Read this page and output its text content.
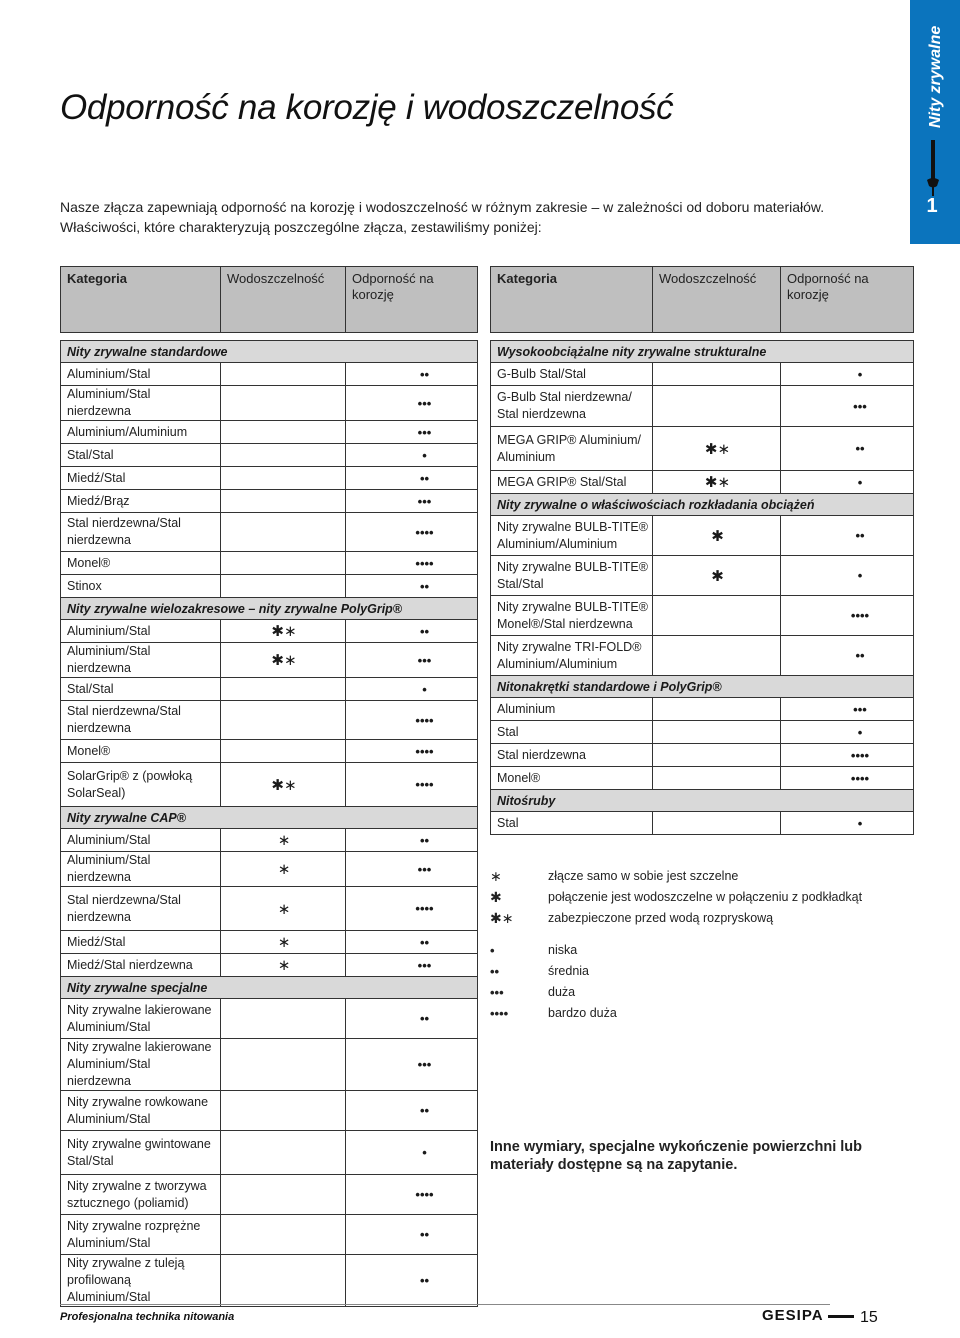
Nity zrywalne
1
Odporność na korozję i wodoszczelność

Nasze złącza zapewniają odporność na korozję i wodoszczelność w różnym zakresie – w zależności od doboru materiałów. Właściwości, które charakteryzują poszczególne złącza, zestawiliśmy poniżej:

Kategoria	Wodoszczelność	Odporność na korozję

Nity zrywalne standardowe		
Aluminium/Stal		••
Aluminium/Stal nierdzewna		•••
Aluminium/Aluminium		•••
Stal/Stal		•
Miedź/Stal		••
Miedź/Brąz		•••
Stal nierdzewna/Stal nierdzewna		••••
Monel®		••••
Stinox		••
Nity zrywalne wielozakresowe – nity zrywalne PolyGrip®		
Aluminium/Stal	✱∗	••
Aluminium/Stal nierdzewna	✱∗	•••
Stal/Stal		•
Stal nierdzewna/Stal nierdzewna		••••
Monel®		••••
SolarGrip® z (powłoką SolarSeal)	✱∗	••••
Nity zrywalne CAP®		
Aluminium/Stal	∗	••
Aluminium/Stal nierdzewna	∗	•••
Stal nierdzewna/Stal nierdzewna	∗	••••
Miedź/Stal	∗	••
Miedź/Stal nierdzewna	∗	•••
Nity zrywalne specjalne		
Nity zrywalne lakierowane Aluminium/Stal		••
Nity zrywalne lakierowane Aluminium/Stal nierdzewna		•••
Nity zrywalne rowkowane Aluminium/Stal		••
Nity zrywalne gwintowane Stal/Stal		•
Nity zrywalne z tworzywa sztucznego (poliamid)		••••
Nity zrywalne rozprężne Aluminium/Stal		••
Nity zrywalne z tuleją profilowaną Aluminium/Stal		••
Kategoria	Wodoszczelność	Odporność na korozję

Wysokoobciążalne nity zrywalne strukturalne		
G-Bulb Stal/Stal		•
G-Bulb Stal nierdzewna/ Stal nierdzewna		•••
MEGA GRIP® Aluminium/ Aluminium	✱∗	••
MEGA GRIP® Stal/Stal	✱∗	•
Nity zrywalne o właściwościach rozkładania obciążeń		
Nity zrywalne BULB-TITE® Aluminium/Aluminium	✱	••
Nity zrywalne BULB-TITE® Stal/Stal	✱	•
Nity zrywalne BULB-TITE® Monel®/Stal nierdzewna		••••
Nity zrywalne TRI-FOLD® Aluminium/Aluminium		••
Nitonakrętki standardowe i PolyGrip®		
Aluminium		•••
Stal		•
Stal nierdzewna		••••
Monel®		••••
Nitośruby		
Stal		•
∗	złącze samo w sobie jest szczelne
✱	połączenie jest wodoszczelne w połączeniu z podkładkąt
✱∗	zabezpieczone przed wodą rozpryskową
•	niska
••	średnia
•••	duża
••••	bardzo duża
Inne wymiary, specjalne wykończenie powierzchni lub materiały dostępne są na zapytanie.
Profesjonalna technika nitowania	GESIPA	15
